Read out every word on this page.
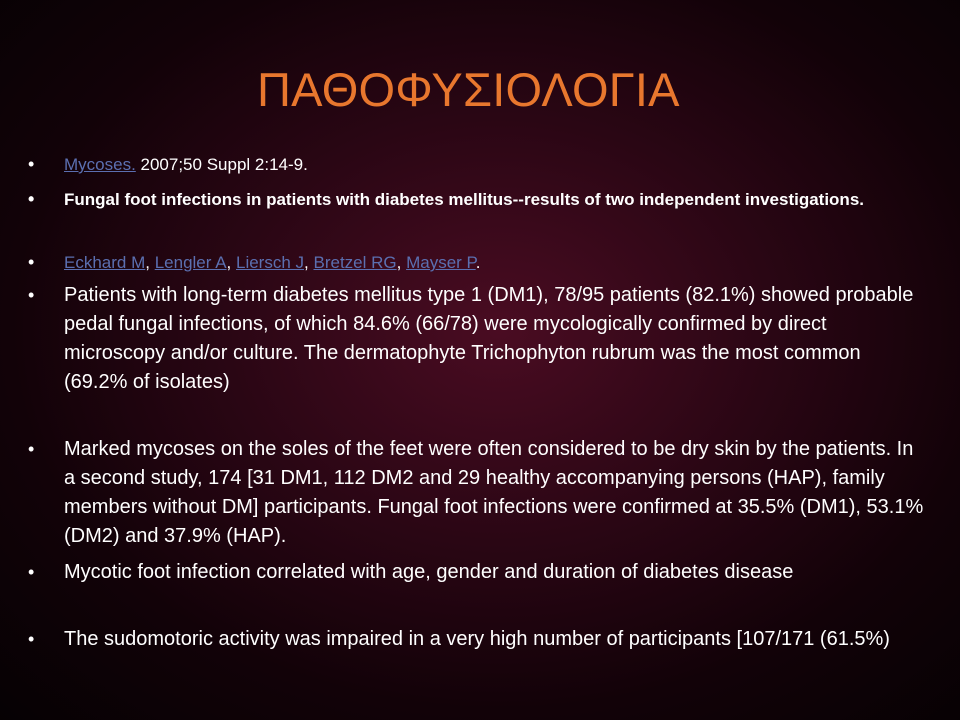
ΠΑΘΟΦΥΣΙΟΛΟΓΙΑ
• Mycoses. 2007;50 Suppl 2:14-9.
• Fungal foot infections in patients with diabetes mellitus--results of two independent investigations.
• Eckhard M, Lengler A, Liersch J, Bretzel RG, Mayser P.
• Patients with long-term diabetes mellitus type 1 (DM1), 78/95 patients (82.1%) showed probable pedal fungal infections, of which 84.6% (66/78) were mycologically confirmed by direct microscopy and/or culture. The dermatophyte Trichophyton rubrum was the most common (69.2% of isolates)
• Marked mycoses on the soles of the feet were often considered to be dry skin by the patients. In a second study, 174 [31 DM1, 112 DM2 and 29 healthy accompanying persons (HAP), family members without DM] participants. Fungal foot infections were confirmed at 35.5% (DM1), 53.1% (DM2) and 37.9% (HAP).
• Mycotic foot infection correlated with age, gender and duration of diabetes disease
• The sudomotoric activity was impaired in a very high number of participants [107/171 (61.5%)
